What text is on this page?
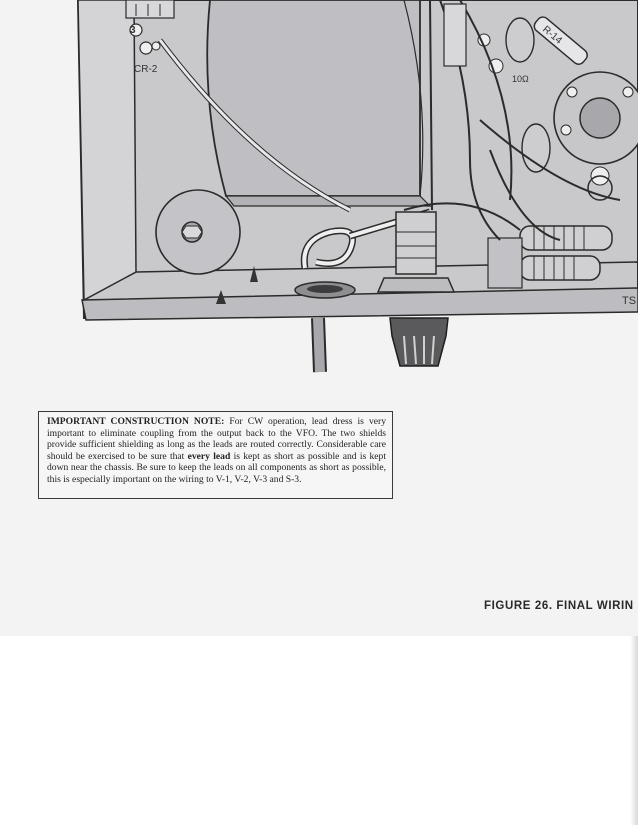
3
CR-2
R-14
10Ω
TS
IMPORTANT CONSTRUCTION NOTE: For CW operation, lead dress is very important to eliminate coupling from the output back to the VFO. The two shields provide sufficient shielding as long as the leads are routed correctly. Considerable care should be exercised to be sure that every lead is kept as short as possible and is kept down near the chassis. Be sure to keep the leads on all components as short as possible, this is especially important on the wiring to V-1, V-2, V-3 and S-3.
FIGURE 26. FINAL WIRIN
